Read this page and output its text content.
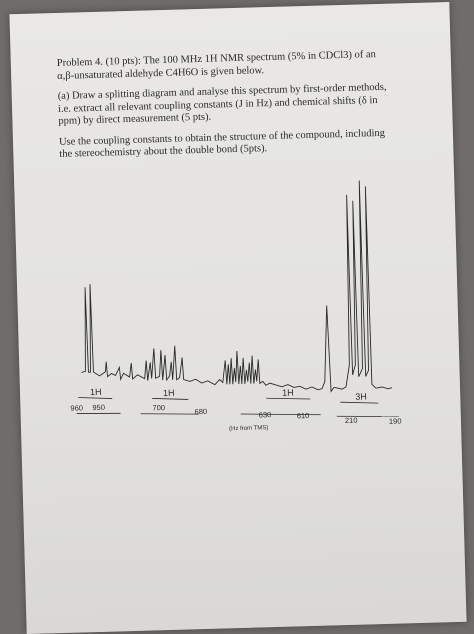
Problem 4. (10 pts): The 100 MHz 1H NMR spectrum (5% in CDCl3) of an α,β-unsaturated aldehyde C4H6O is given below.

(a) Draw a splitting diagram and analyse this spectrum by first-order methods, i.e. extract all relevant coupling constants (J in Hz) and chemical shifts (δ in ppm) by direct measurement (5 pts).

Use the coupling constants to obtain the structure of the compound, including the stereochemistry about the double bond (5pts).

1H	1H	1H	3H
960 950	700	680	630	610	210	190
(Hz from TMS)
